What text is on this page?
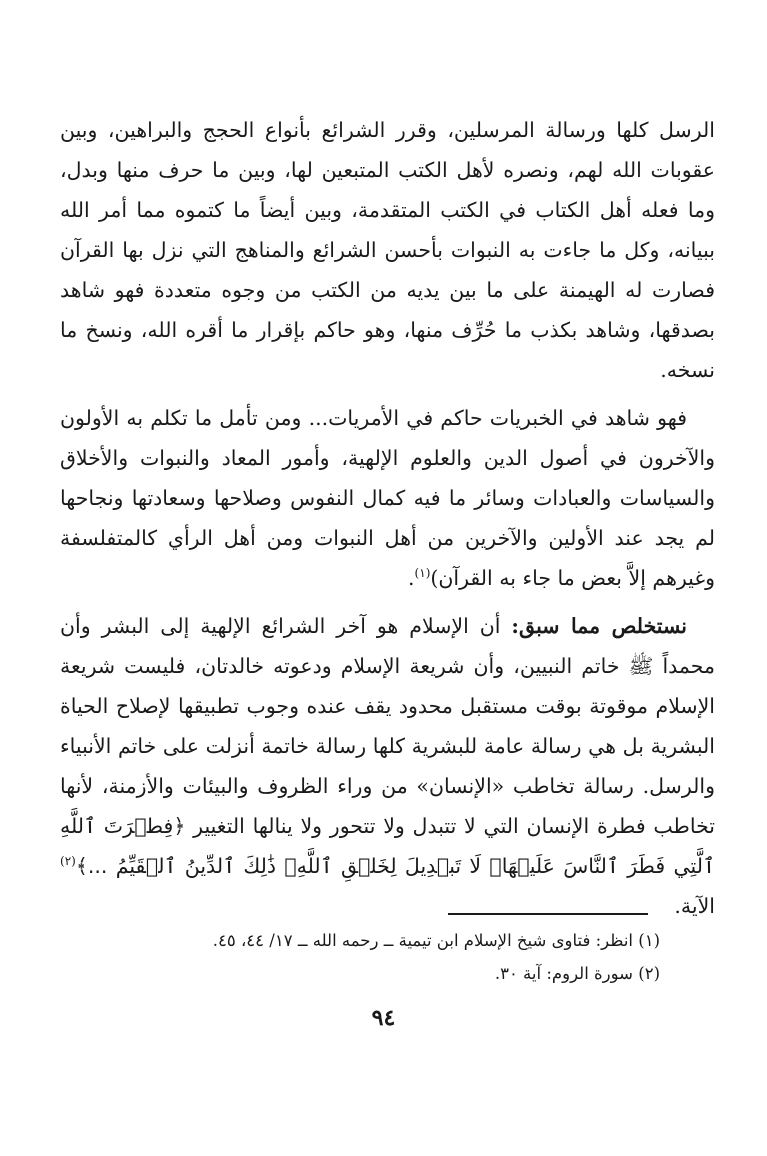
الرسل كلها ورسالة المرسلين، وقرر الشرائع بأنواع الحجج والبراهين، وبين عقوبات الله لهم، ونصره لأهل الكتب المتبعين لها، وبين ما حرف منها وبدل، وما فعله أهل الكتاب في الكتب المتقدمة، وبين أيضاً ما كتموه مما أمر الله ببيانه، وكل ما جاءت به النبوات بأحسن الشرائع والمناهج التي نزل بها القرآن فصارت له الهيمنة على ما بين يديه من الكتب من وجوه متعددة فهو شاهد بصدقها، وشاهد بكذب ما حُرِّف منها، وهو حاكم بإقرار ما أقره الله، ونسخ ما نسخه.

فهو شاهد في الخبريات حاكم في الأمريات... ومن تأمل ما تكلم به الأولون والآخرون في أصول الدين والعلوم الإلهية، وأمور المعاد والنبوات والأخلاق والسياسات والعبادات وسائر ما فيه كمال النفوس وصلاحها وسعادتها ونجاحها لم يجد عند الأولين والآخرين من أهل النبوات ومن أهل الرأي كالمتفلسفة وغيرهم إلاَّ بعض ما جاء به القرآن)$^{(١)}$.

نستخلص مما سبق: أن الإسلام هو آخر الشرائع الإلهية إلى البشر وأن محمداً ﷺ خاتم النبيين، وأن شريعة الإسلام ودعوته خالدتان، فليست شريعة الإسلام موقوتة بوقت مستقبل محدود يقف عنده وجوب تطبيقها لإصلاح الحياة البشرية بل هي رسالة عامة للبشرية كلها رسالة خاتمة أنزلت على خاتم الأنبياء والرسل. رسالة تخاطب «الإنسان» من وراء الظروف والبيئات والأزمنة، لأنها تخاطب فطرة الإنسان التي لا تتبدل ولا تتحور ولا ينالها التغيير ﴿فِطۡرَتَ ٱللَّهِ ٱلَّتِي فَطَرَ ٱلنَّاسَ عَلَيۡهَاۚ لَا تَبۡدِيلَ لِخَلۡقِ ٱللَّهِۚ ذَٰلِكَ ٱلدِّينُ ٱلۡقَيِّمُ ...﴾$^{(٢)}$ الآية.

(١) انظر: فتاوى شيخ الإسلام ابن تيمية ــ رحمه الله ــ ١٧/ ٤٤، ٤٥.

(٢) سورة الروم: آية ٣٠.

٩٤
